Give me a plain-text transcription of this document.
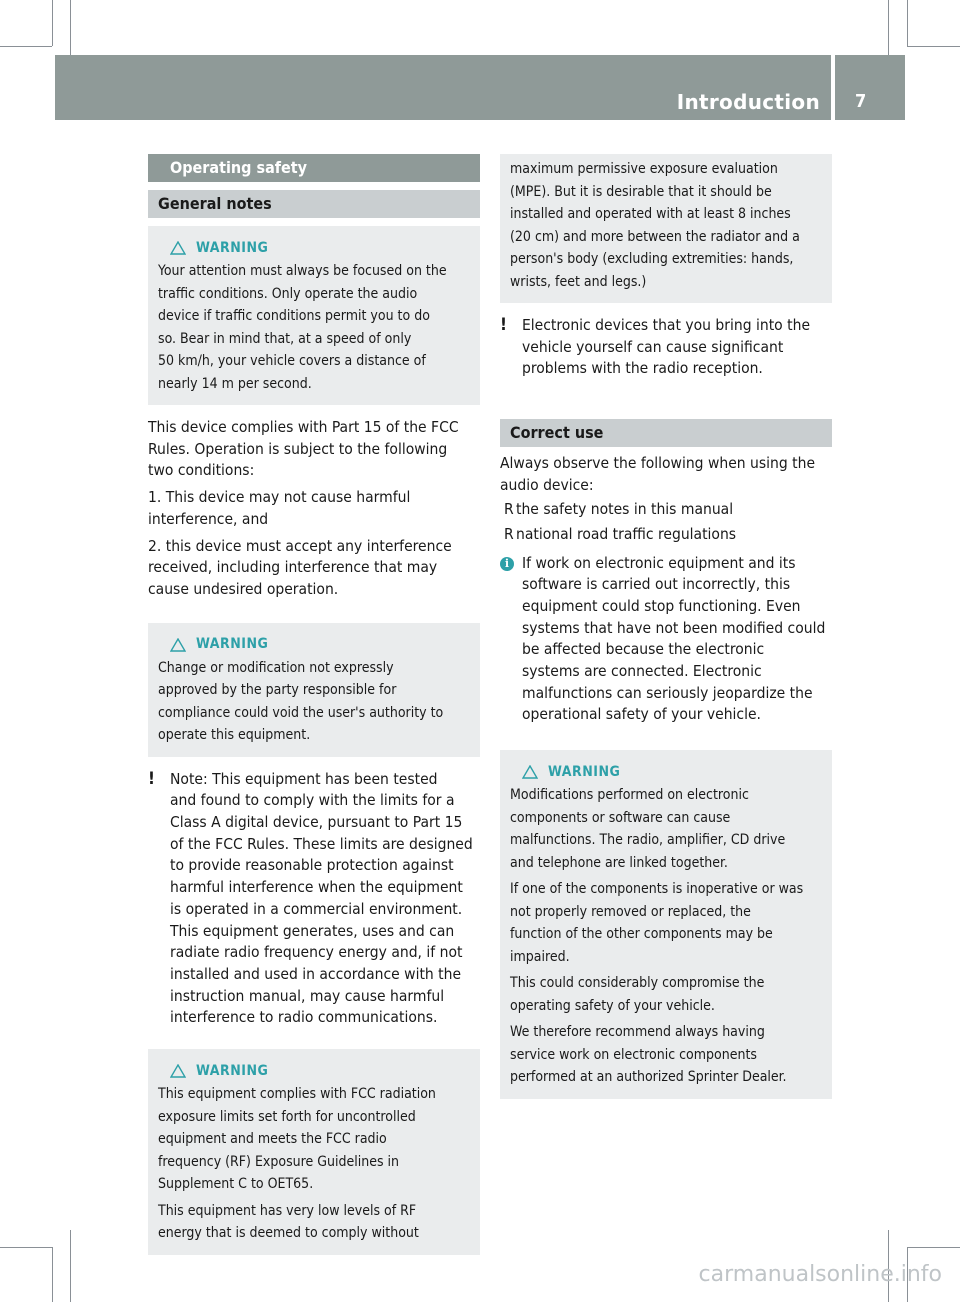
Introduction 7
Operating safety
General notes
WARNING
Your attention must always be focused on the
traffic conditions. Only operate the audio
device if traffic conditions permit you to do
so. Bear in mind that, at a speed of only
50 km/h, your vehicle covers a distance of
nearly 14 m per second.
This device complies with Part 15 of the FCC
Rules. Operation is subject to the following
two conditions:
1. This device may not cause harmful
interference, and
2. this device must accept any interference
received, including interference that may
cause undesired operation.
WARNING
Change or modification not expressly
approved by the party responsible for
compliance could void the user's authority to
operate this equipment.
! Note: This equipment has been tested
and found to comply with the limits for a
Class A digital device, pursuant to Part 15
of the FCC Rules. These limits are designed
to provide reasonable protection against
harmful interference when the equipment
is operated in a commercial environment.
This equipment generates, uses and can
radiate radio frequency energy and, if not
installed and used in accordance with the
instruction manual, may cause harmful
interference to radio communications.
WARNING

This equipment complies with FCC radiation
exposure limits set forth for uncontrolled
equipment and meets the FCC radio
frequency (RF) Exposure Guidelines in
Supplement C to OET65.

This equipment has very low levels of RF
energy that is deemed to comply without

maximum permissive exposure evaluation
(MPE). But it is desirable that it should be
installed and operated with at least 8 inches
(20 cm) and more between the radiator and a
person's body (excluding extremities: hands,
wrists, feet and legs.)
! Electronic devices that you bring into the
vehicle yourself can cause significant
problems with the radio reception.
Correct use
Always observe the following when using the
audio device:
R the safety notes in this manual
R national road traffic regulations
i If work on electronic equipment and its
software is carried out incorrectly, this
equipment could stop functioning. Even
systems that have not been modified could
be affected because the electronic
systems are connected. Electronic
malfunctions can seriously jeopardize the
operational safety of your vehicle.
WARNING

Modifications performed on electronic
components or software can cause
malfunctions. The radio, amplifier, CD drive
and telephone are linked together.

If one of the components is inoperative or was
not properly removed or replaced, the
function of the other components may be
impaired.

This could considerably compromise the
operating safety of your vehicle.

We therefore recommend always having
service work on electronic components
performed at an authorized Sprinter Dealer.

carmanualsonline.info
